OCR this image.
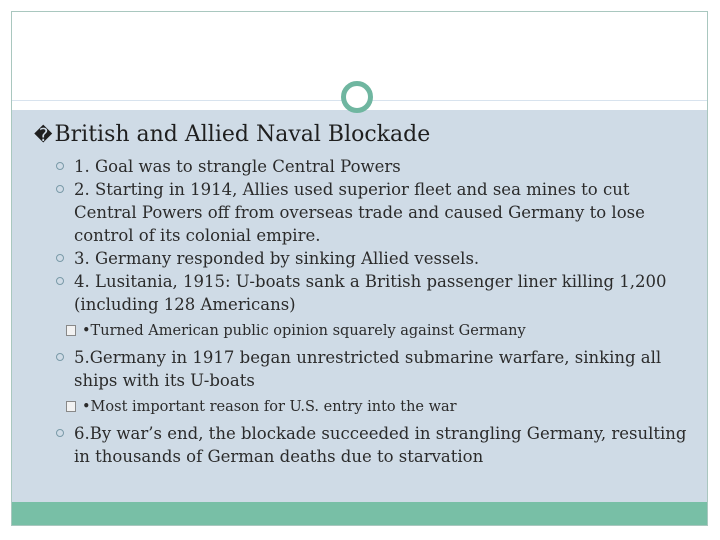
�British and Allied Naval Blockade
1. Goal was to strangle Central Powers
2. Starting in 1914, Allies used superior fleet and sea mines to cut Central Powers off from overseas trade and caused Germany to lose control of its colonial empire.
3. Germany responded by sinking Allied vessels.
4. Lusitania, 1915: U-boats sank a British passenger liner killing 1,200 (including 128 Americans)
•Turned American public opinion squarely against Germany
5.Germany in 1917 began unrestricted submarine warfare, sinking all ships with its U-boats
•Most important reason for U.S. entry into the war
6.By war’s end, the blockade succeeded in strangling Germany, resulting in thousands of German deaths due to starvation
